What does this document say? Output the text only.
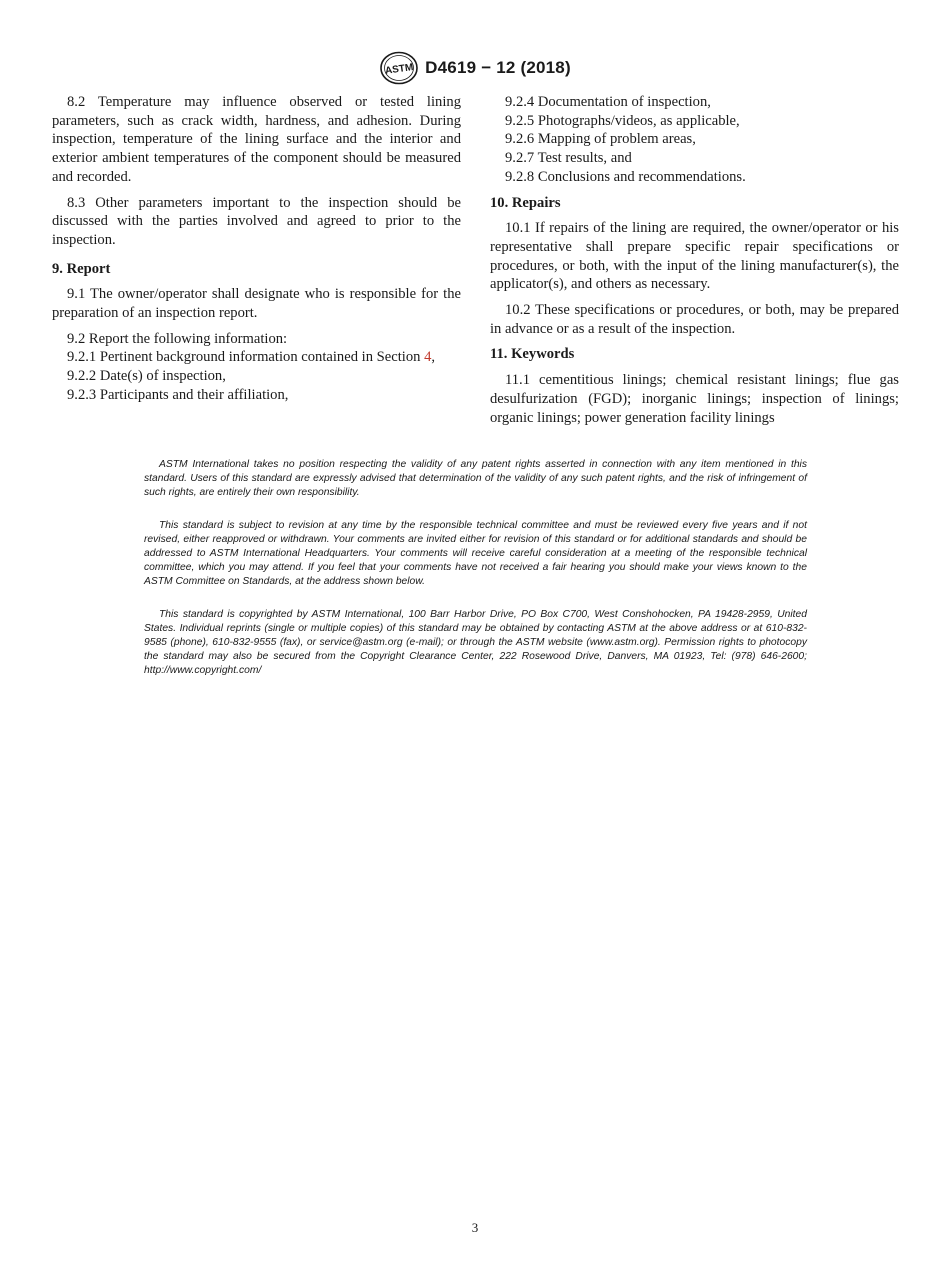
ASTM D4619 − 12 (2018)

8.2 Temperature may influence observed or tested lining parameters, such as crack width, hardness, and adhesion. During inspection, temperature of the lining surface and the interior and exterior ambient temperatures of the component should be measured and recorded.

8.3 Other parameters important to the inspection should be discussed with the parties involved and agreed to prior to the inspection.

9. Report

9.1 The owner/operator shall designate who is responsible for the preparation of an inspection report.

9.2 Report the following information:

9.2.1 Pertinent background information contained in Section 4,

9.2.2 Date(s) of inspection,

9.2.3 Participants and their affiliation,

9.2.4 Documentation of inspection,

9.2.5 Photographs/videos, as applicable,

9.2.6 Mapping of problem areas,

9.2.7 Test results, and

9.2.8 Conclusions and recommendations.

10. Repairs

10.1 If repairs of the lining are required, the owner/operator or his representative shall prepare specific repair specifications or procedures, or both, with the input of the lining manufacturer(s), the applicator(s), and others as necessary.

10.2 These specifications or procedures, or both, may be prepared in advance or as a result of the inspection.

11. Keywords

11.1 cementitious linings; chemical resistant linings; flue gas desulfurization (FGD); inorganic linings; inspection of linings; organic linings; power generation facility linings

ASTM International takes no position respecting the validity of any patent rights asserted in connection with any item mentioned in this standard. Users of this standard are expressly advised that determination of the validity of any such patent rights, and the risk of infringement of such rights, are entirely their own responsibility.

This standard is subject to revision at any time by the responsible technical committee and must be reviewed every five years and if not revised, either reapproved or withdrawn. Your comments are invited either for revision of this standard or for additional standards and should be addressed to ASTM International Headquarters. Your comments will receive careful consideration at a meeting of the responsible technical committee, which you may attend. If you feel that your comments have not received a fair hearing you should make your views known to the ASTM Committee on Standards, at the address shown below.

This standard is copyrighted by ASTM International, 100 Barr Harbor Drive, PO Box C700, West Conshohocken, PA 19428-2959, United States. Individual reprints (single or multiple copies) of this standard may be obtained by contacting ASTM at the above address or at 610-832-9585 (phone), 610-832-9555 (fax), or service@astm.org (e-mail); or through the ASTM website (www.astm.org). Permission rights to photocopy the standard may also be secured from the Copyright Clearance Center, 222 Rosewood Drive, Danvers, MA 01923, Tel: (978) 646-2600; http://www.copyright.com/

3
